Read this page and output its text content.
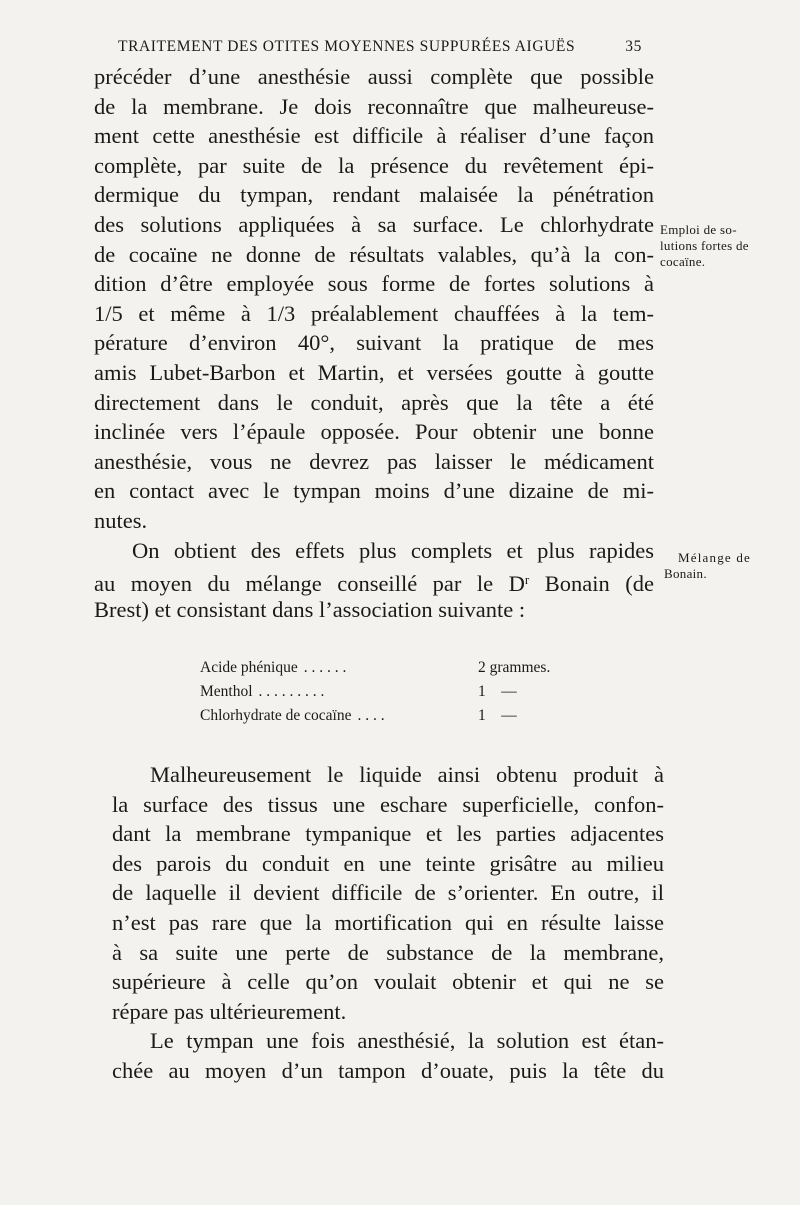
TRAITEMENT DES OTITES MOYENNES SUPPURÉES AIGUËS	35
précéder d’une anesthésie aussi complète que possible
de la membrane. Je dois reconnaître que malheureuse-
ment cette anesthésie est difficile à réaliser d’une façon
complète, par suite de la présence du revêtement épi-
dermique du tympan, rendant malaisée la pénétration
des solutions appliquées à sa surface. Le chlorhydrate
de cocaïne ne donne de résultats valables, qu’à la con-
dition d’être employée sous forme de fortes solutions à
1/5 et même à 1/3 préalablement chauffées à la tem-
pérature d’environ 40°, suivant la pratique de mes
amis Lubet-Barbon et Martin, et versées goutte à goutte
directement dans le conduit, après que la tête a été
inclinée vers l’épaule opposée. Pour obtenir une bonne
anesthésie, vous ne devrez pas laisser le médicament
en contact avec le tympan moins d’une dizaine de mi-
nutes.
On obtient des effets plus complets et plus rapides
au moyen du mélange conseillé par le $D^r$ Bonain (de
Brest) et consistant dans l’association suivante :
Acide phénique . . . . . .	2 grammes.
Menthol . . . . . . . . .	1    —
Chlorhydrate de cocaïne . . . .	1    —
Malheureusement le liquide ainsi obtenu produit à
la surface des tissus une eschare superficielle, confon-
dant la membrane tympanique et les parties adjacentes
des parois du conduit en une teinte grisâtre au milieu
de laquelle il devient difficile de s’orienter. En outre, il
n’est pas rare que la mortification qui en résulte laisse
à sa suite une perte de substance de la membrane,
supérieure à celle qu’on voulait obtenir et qui ne se
répare pas ultérieurement.
Le tympan une fois anesthésié, la solution est étan-
chée au moyen d’un tampon d’ouate, puis la tête du
Emploi de so-
lutions fortes de
cocaïne.
Mélange de
Bonain.
